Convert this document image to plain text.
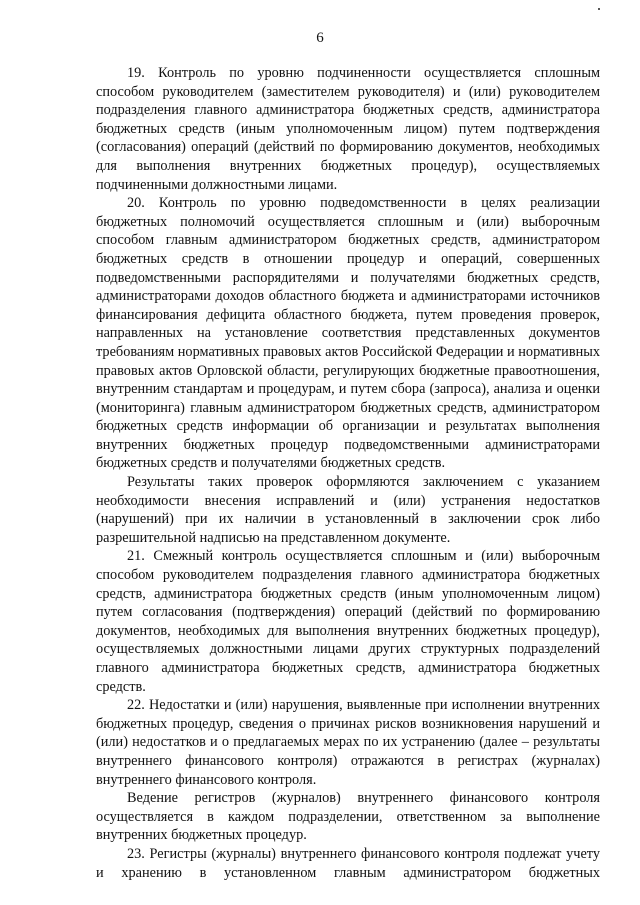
6

19. Контроль по уровню подчиненности осуществляется сплошным способом руководителем (заместителем руководителя) и (или) руководителем подразделения главного администратора бюджетных средств, администратора бюджетных средств (иным уполномоченным лицом) путем подтверждения (согласования) операций (действий по формированию документов, необходимых для выполнения внутренних бюджетных процедур), осуществляемых подчиненными должностными лицами.

20. Контроль по уровню подведомственности в целях реализации бюджетных полномочий осуществляется сплошным и (или) выборочным способом главным администратором бюджетных средств, администратором бюджетных средств в отношении процедур и операций, совершенных подведомственными распорядителями и получателями бюджетных средств, администраторами доходов областного бюджета и администраторами источников финансирования дефицита областного бюджета, путем проведения проверок, направленных на установление соответствия представленных документов требованиям нормативных правовых актов Российской Федерации и нормативных правовых актов Орловской области, регулирующих бюджетные правоотношения, внутренним стандартам и процедурам, и путем сбора (запроса), анализа и оценки (мониторинга) главным администратором бюджетных средств, администратором бюджетных средств информации об организации и результатах выполнения внутренних бюджетных процедур подведомственными администраторами бюджетных средств и получателями бюджетных средств.

Результаты таких проверок оформляются заключением с указанием необходимости внесения исправлений и (или) устранения недостатков (нарушений) при их наличии в установленный в заключении срок либо разрешительной надписью на представленном документе.

21. Смежный контроль осуществляется сплошным и (или) выборочным способом руководителем подразделения главного администратора бюджетных средств, администратора бюджетных средств (иным уполномоченным лицом) путем согласования (подтверждения) операций (действий по формированию документов, необходимых для выполнения внутренних бюджетных процедур), осуществляемых должностными лицами других структурных подразделений главного администратора бюджетных средств, администратора бюджетных средств.

22. Недостатки и (или) нарушения, выявленные при исполнении внутренних бюджетных процедур, сведения о причинах рисков возникновения нарушений и (или) недостатков и о предлагаемых мерах по их устранению (далее – результаты внутреннего финансового контроля) отражаются в регистрах (журналах) внутреннего финансового контроля.

Ведение регистров (журналов) внутреннего финансового контроля осуществляется в каждом подразделении, ответственном за выполнение внутренних бюджетных процедур.

23. Регистры (журналы) внутреннего финансового контроля подлежат учету и хранению в установленном главным администратором бюджетных
